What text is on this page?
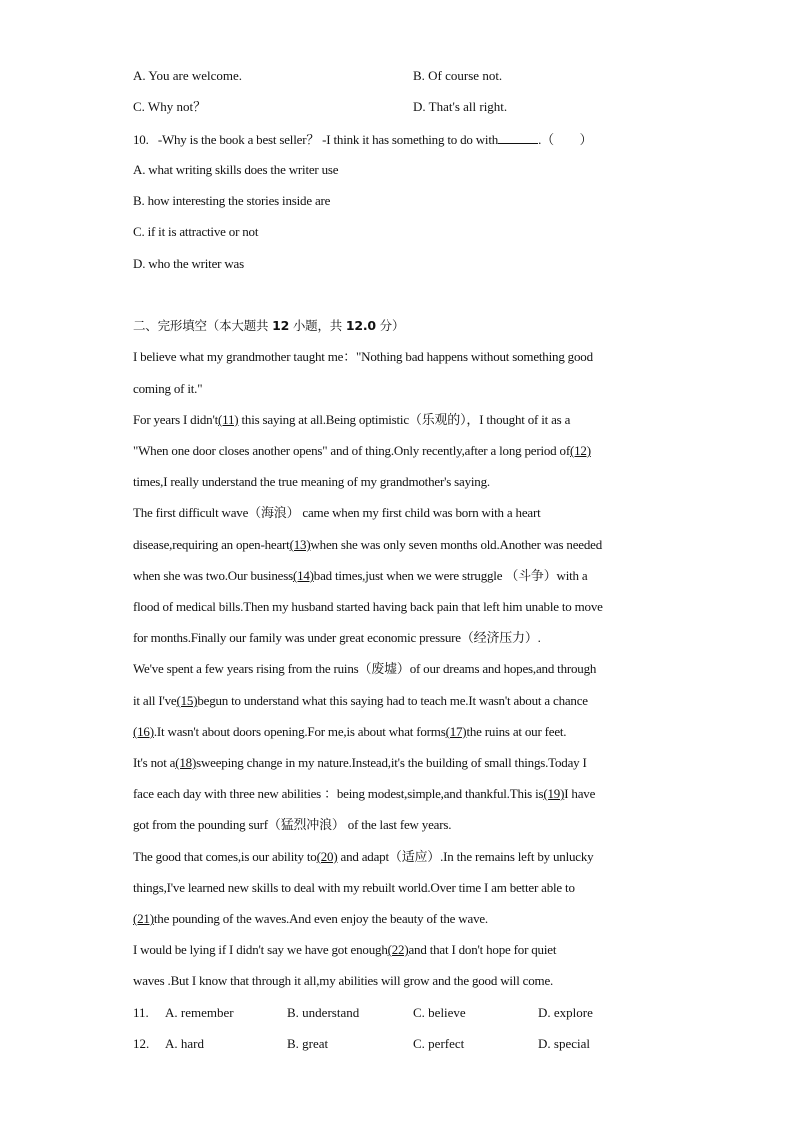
A. You are welcome.	B. Of course not.
C. Why not？	D. That's all right.
10. -Why is the book a best seller？ -I think it has something to do with	.（　　）
A. what writing skills does the writer use
B. how interesting the stories inside are
C. if it is attractive or not
D. who the writer was
二、完形填空（本大题共 12 小题，共 12.0 分）
I believe what my grandmother taught me："Nothing bad happens without something good
coming of it."
For years I didn't(11) this saying at all.Being optimistic（乐观的），I thought of it as a
"When one door closes another opens" and of thing.Only recently,after a long period of(12)
times,I really understand the true meaning of my grandmother's saying.
The first difficult wave（海浪） came when my first child was born with a heart
disease,requiring an open-heart(13)when she was only seven months old.Another was needed
when she was two.Our business(14)bad times,just when we were struggle （斗争）with a
flood of medical bills.Then my husband started having back pain that left him unable to move
for months.Finally our family was under great economic pressure（经济压力）.
We've spent a few years rising from the ruins（废墟）of our dreams and hopes,and through
it all I've(15)begun to understand what this saying had to teach me.It wasn't about a chance
(16).It wasn't about doors opening.For me,is about what forms(17)the ruins at our feet.
It's not a(18)sweeping change in my nature.Instead,it's the building of small things.Today I
face each day with three new abilities ：being modest,simple,and thankful.This is(19)I have
got from the pounding surf（猛烈冲浪） of the last few years.
The good that comes,is our ability to(20) and adapt（适应）.In the remains left by unlucky
things,I've learned new skills to deal with my rebuilt world.Over time I am better able to
(21)the pounding of the waves.And even enjoy the beauty of the wave.
I would be lying if I didn't say we have got enough(22)and that I don't hope for quiet
waves .But I know that through it all,my abilities will grow and the good will come.
11. A. remember	B. understand	C. believe	D. explore
12. A. hard	B. great	C. perfect	D. special
